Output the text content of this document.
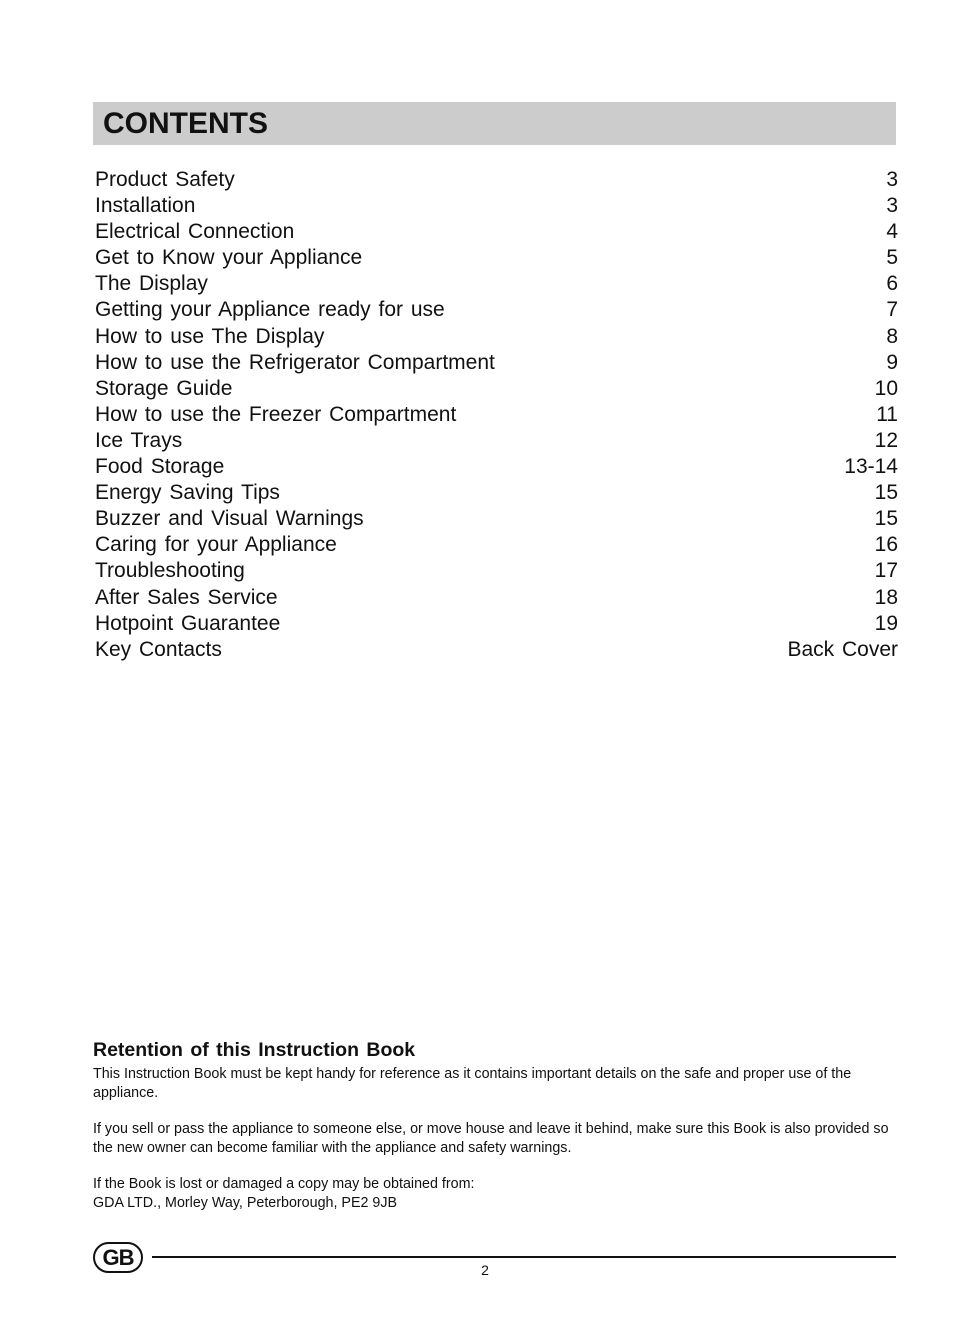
CONTENTS
Product Safety	3
Installation	3
Electrical Connection	4
Get to Know your Appliance	5
The Display	6
Getting your Appliance ready for use	7
How to use The Display	8
How to use the Refrigerator Compartment	9
Storage Guide	10
How to use the Freezer Compartment	11
Ice Trays	12
Food Storage	13-14
Energy Saving Tips	15
Buzzer and Visual Warnings	15
Caring for your Appliance	16
Troubleshooting	17
After Sales Service	18
Hotpoint Guarantee	19
Key Contacts	Back Cover
Retention of this Instruction Book

This Instruction Book must be kept handy for reference as it contains important details on the safe and proper use of the appliance.

If you sell or pass the appliance to someone else, or move house and leave it behind, make sure this Book is also provided so the new owner can become familiar with the appliance and safety warnings.

If the Book is lost or damaged a copy may be obtained from:
GDA LTD., Morley Way, Peterborough, PE2 9JB

GB
2
